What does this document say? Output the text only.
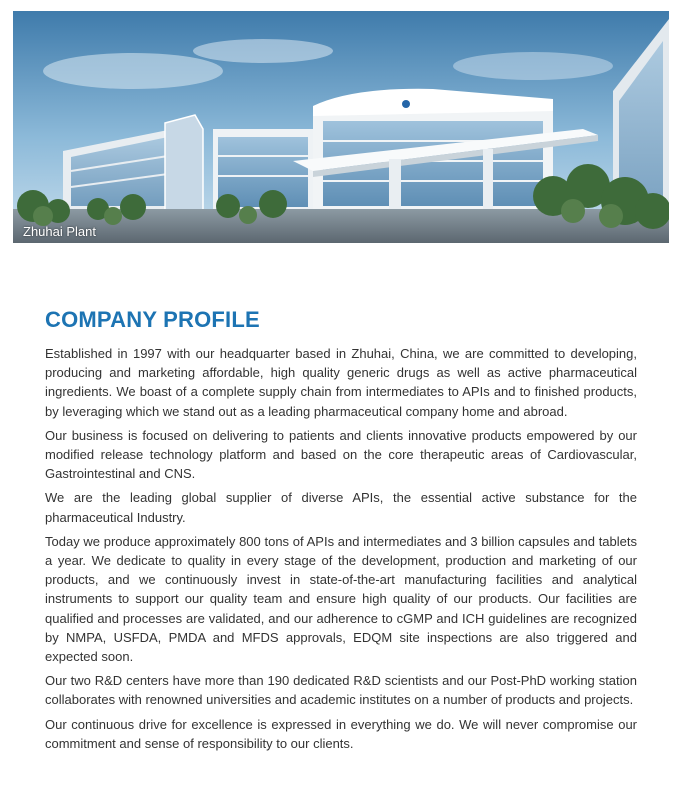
Zhuhai Plant
COMPANY PROFILE

Established in 1997 with our headquarter based in Zhuhai, China, we are committed to developing, producing and marketing affordable, high quality generic drugs as well as active pharmaceutical ingredients. We boast of a complete supply chain from intermediates to APIs and to finished products, by leveraging which we stand out as a leading pharmaceutical company home and abroad.

Our business is focused on delivering to patients and clients innovative products empowered by our modified release technology platform and based on the core therapeutic areas of Cardiovascular, Gastrointestinal and CNS.

We are the leading global supplier of diverse APIs, the essential active substance for the pharmaceutical Industry.

Today we produce approximately 800 tons of APIs and intermediates and 3 billion capsules and tablets a year. We dedicate to quality in every stage of the development, production and marketing of our products, and we continuously invest in state-of-the-art manufacturing facilities and analytical instruments to support our quality team and ensure high quality of our products. Our facilities are qualified and processes are validated, and our adherence to cGMP and ICH guidelines are recognized by NMPA, USFDA, PMDA and MFDS approvals, EDQM site inspections are also triggered and expected soon.

Our two R&D centers have more than 190 dedicated R&D scientists and our Post-PhD working station collaborates with renowned universities and academic institutes on a number of products and projects.

Our continuous drive for excellence is expressed in everything we do. We will never compromise our commitment and sense of responsibility to our clients.
